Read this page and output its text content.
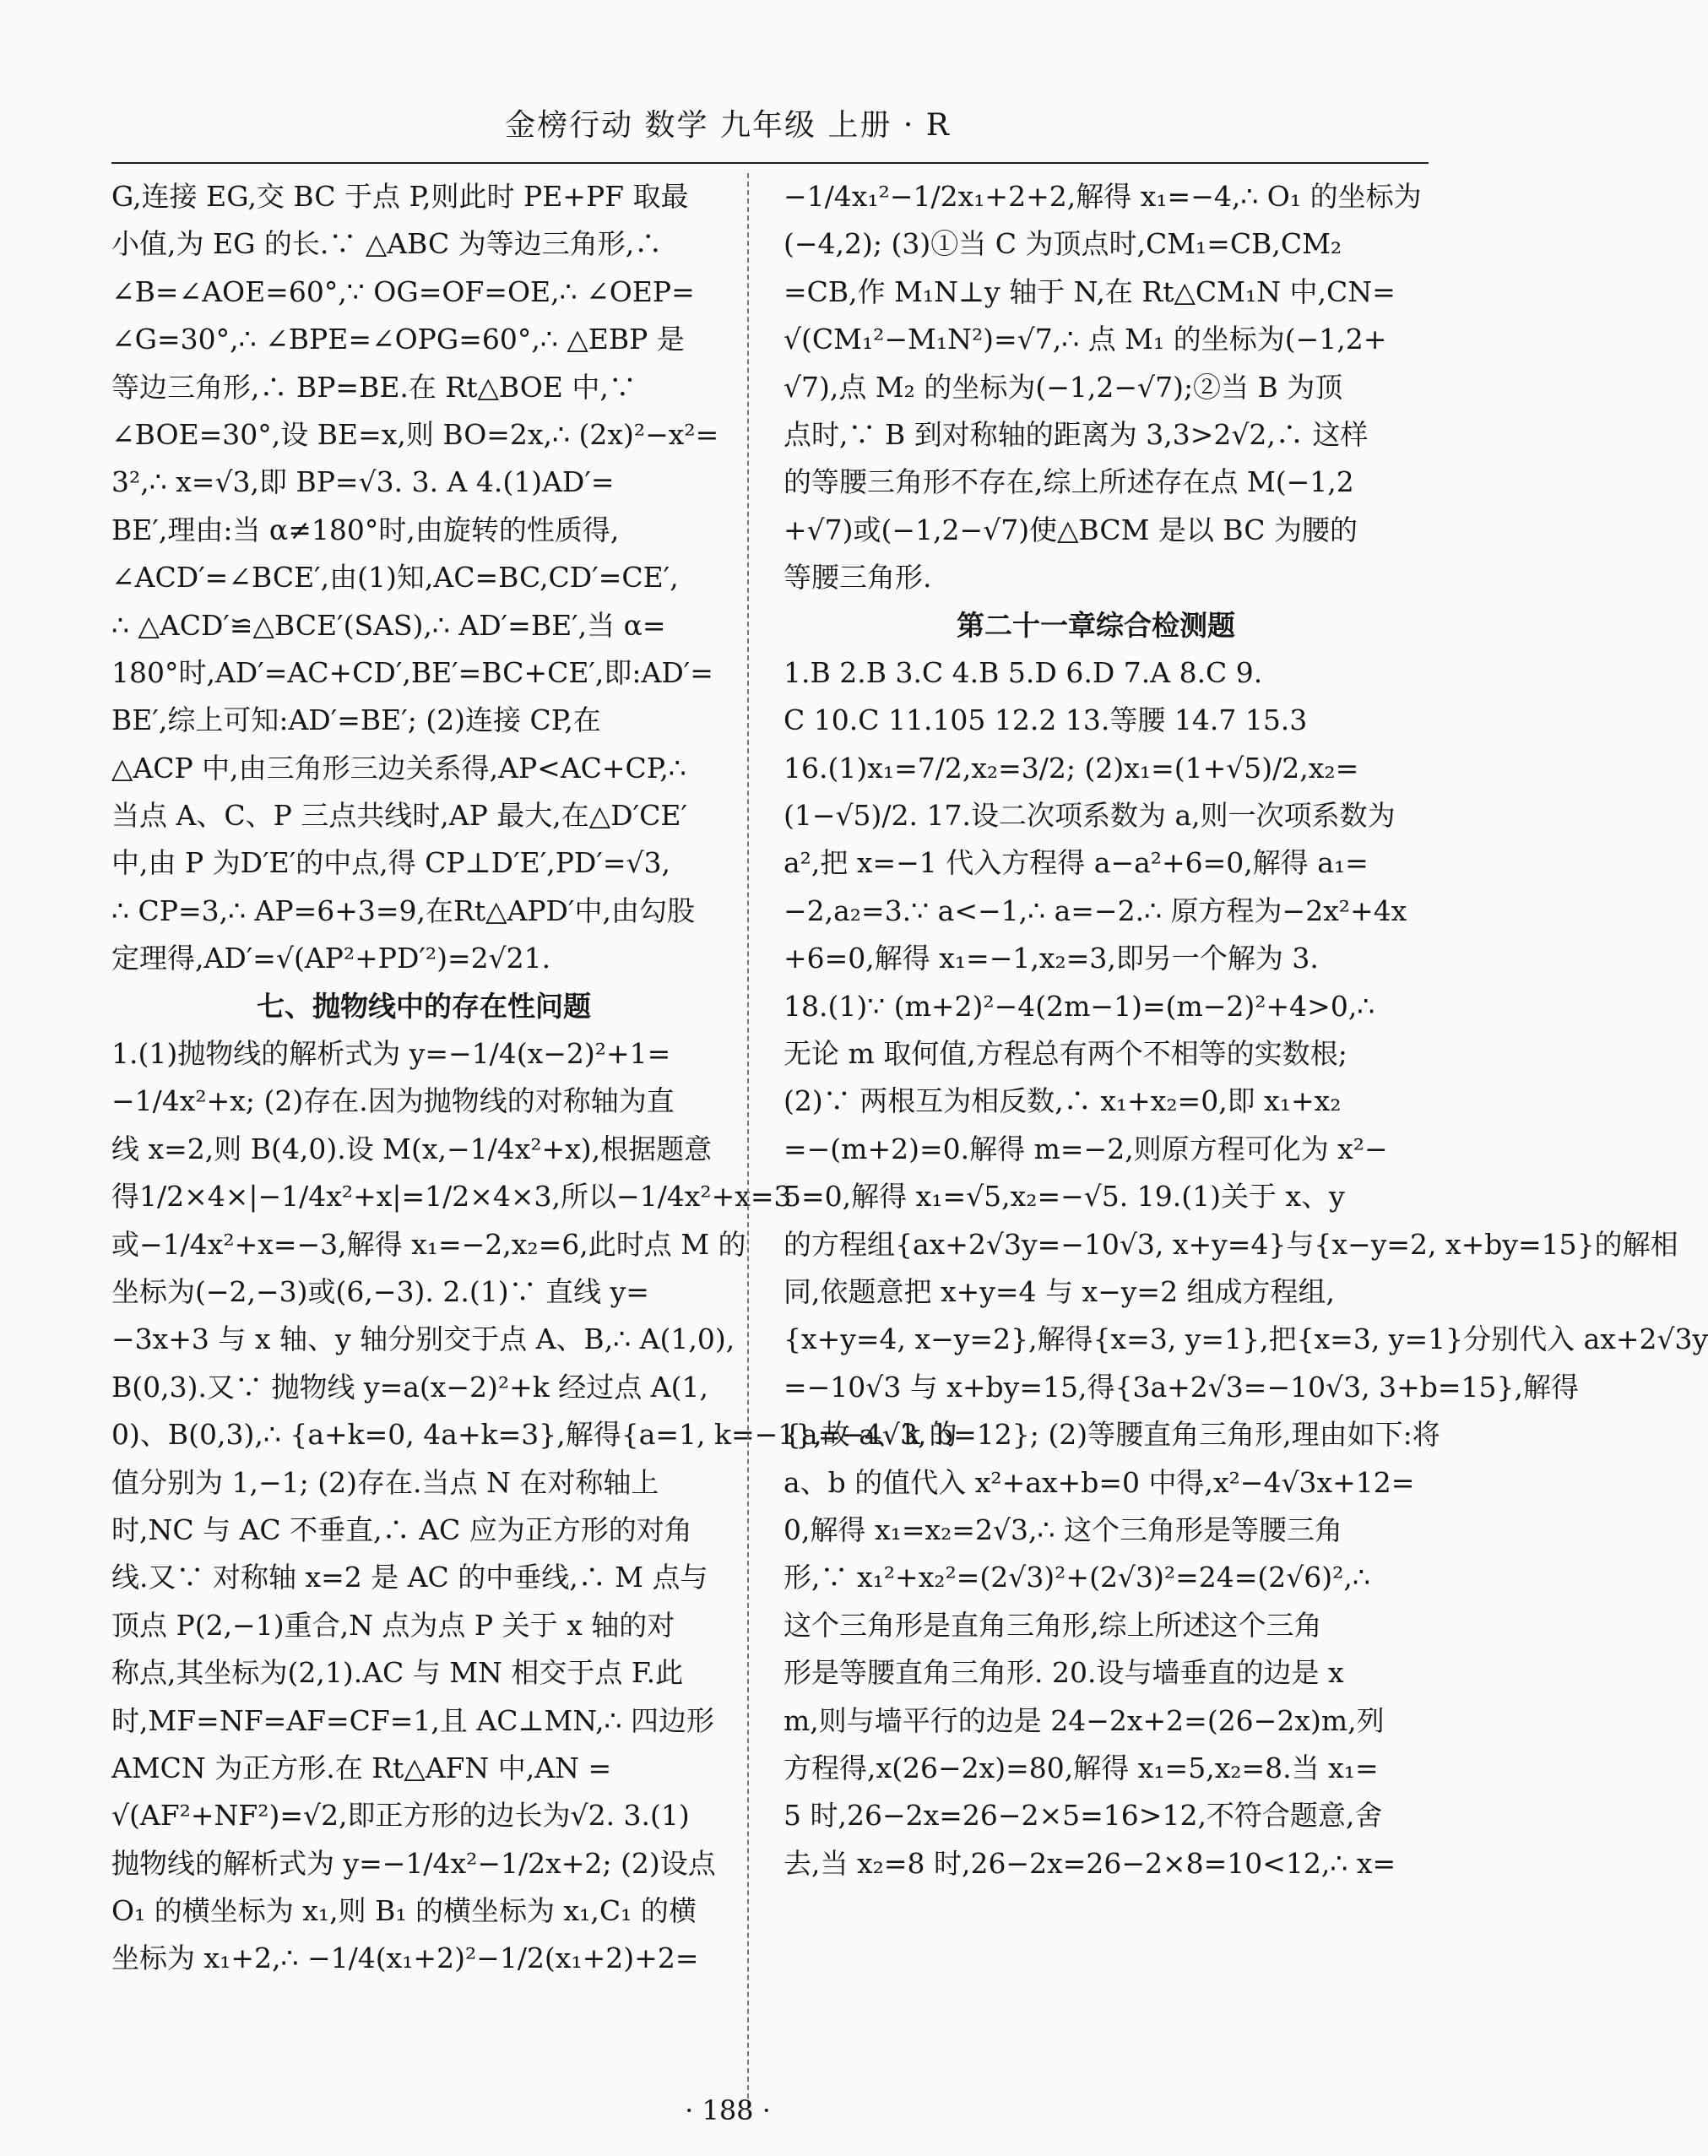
金榜行动 数学 九年级 上册 · R
G,连接 EG,交 BC 于点 P,则此时 PE+PF 取最
小值,为 EG 的长.∵ △ABC 为等边三角形,∴
∠B=∠AOE=60°,∵ OG=OF=OE,∴ ∠OEP=
∠G=30°,∴ ∠BPE=∠OPG=60°,∴ △EBP 是
等边三角形,∴ BP=BE.在 Rt△BOE 中,∵
∠BOE=30°,设 BE=x,则 BO=2x,∴ (2x)²−x²=
3²,∴ x=√3,即 BP=√3. 3. A 4.(1)AD′=
BE′,理由:当 α≠180°时,由旋转的性质得,
∠ACD′=∠BCE′,由(1)知,AC=BC,CD′=CE′,
∴ △ACD′≌△BCE′(SAS),∴ AD′=BE′,当 α=
180°时,AD′=AC+CD′,BE′=BC+CE′,即:AD′=
BE′,综上可知:AD′=BE′; (2)连接 CP,在
△ACP 中,由三角形三边关系得,AP<AC+CP,∴
当点 A、C、P 三点共线时,AP 最大,在△D′CE′
中,由 P 为D′E′的中点,得 CP⊥D′E′,PD′=√3,
∴ CP=3,∴ AP=6+3=9,在Rt△APD′中,由勾股
定理得,AD′=√(AP²+PD′²)=2√21.
七、抛物线中的存在性问题
1.(1)抛物线的解析式为 y=−1/4(x−2)²+1=
−1/4x²+x; (2)存在.因为抛物线的对称轴为直
线 x=2,则 B(4,0).设 M(x,−1/4x²+x),根据题意
得1/2×4×|−1/4x²+x|=1/2×4×3,所以−1/4x²+x=3
或−1/4x²+x=−3,解得 x₁=−2,x₂=6,此时点 M 的
坐标为(−2,−3)或(6,−3). 2.(1)∵ 直线 y=
−3x+3 与 x 轴、y 轴分别交于点 A、B,∴ A(1,0),
B(0,3).又∵ 抛物线 y=a(x−2)²+k 经过点 A(1,
0)、B(0,3),∴ {a+k=0, 4a+k=3},解得{a=1, k=−1},故 a、k 的
值分别为 1,−1; (2)存在.当点 N 在对称轴上
时,NC 与 AC 不垂直,∴ AC 应为正方形的对角
线.又∵ 对称轴 x=2 是 AC 的中垂线,∴ M 点与
顶点 P(2,−1)重合,N 点为点 P 关于 x 轴的对
称点,其坐标为(2,1).AC 与 MN 相交于点 F.此
时,MF=NF=AF=CF=1,且 AC⊥MN,∴ 四边形
AMCN 为正方形.在 Rt△AFN 中,AN =
√(AF²+NF²)=√2,即正方形的边长为√2. 3.(1)
抛物线的解析式为 y=−1/4x²−1/2x+2; (2)设点
O₁ 的横坐标为 x₁,则 B₁ 的横坐标为 x₁,C₁ 的横
坐标为 x₁+2,∴ −1/4(x₁+2)²−1/2(x₁+2)+2=
−1/4x₁²−1/2x₁+2+2,解得 x₁=−4,∴ O₁ 的坐标为
(−4,2); (3)①当 C 为顶点时,CM₁=CB,CM₂
=CB,作 M₁N⊥y 轴于 N,在 Rt△CM₁N 中,CN=
√(CM₁²−M₁N²)=√7,∴ 点 M₁ 的坐标为(−1,2+
√7),点 M₂ 的坐标为(−1,2−√7);②当 B 为顶
点时,∵ B 到对称轴的距离为 3,3>2√2,∴ 这样
的等腰三角形不存在,综上所述存在点 M(−1,2
+√7)或(−1,2−√7)使△BCM 是以 BC 为腰的
等腰三角形.
第二十一章综合检测题
1.B 2.B 3.C 4.B 5.D 6.D 7.A 8.C 9.
C 10.C 11.105 12.2 13.等腰 14.7 15.3
16.(1)x₁=7/2,x₂=3/2; (2)x₁=(1+√5)/2,x₂=
(1−√5)/2. 17.设二次项系数为 a,则一次项系数为
a²,把 x=−1 代入方程得 a−a²+6=0,解得 a₁=
−2,a₂=3.∵ a<−1,∴ a=−2.∴ 原方程为−2x²+4x
+6=0,解得 x₁=−1,x₂=3,即另一个解为 3.
18.(1)∵ (m+2)²−4(2m−1)=(m−2)²+4>0,∴
无论 m 取何值,方程总有两个不相等的实数根;
(2)∵ 两根互为相反数,∴ x₁+x₂=0,即 x₁+x₂
=−(m+2)=0.解得 m=−2,则原方程可化为 x²−
5=0,解得 x₁=√5,x₂=−√5. 19.(1)关于 x、y
的方程组{ax+2√3y=−10√3, x+y=4}与{x−y=2, x+by=15}的解相
同,依题意把 x+y=4 与 x−y=2 组成方程组,
{x+y=4, x−y=2},解得{x=3, y=1},把{x=3, y=1}分别代入 ax+2√3y
=−10√3 与 x+by=15,得{3a+2√3=−10√3, 3+b=15},解得
{a=−4√3, b=12}; (2)等腰直角三角形,理由如下:将
a、b 的值代入 x²+ax+b=0 中得,x²−4√3x+12=
0,解得 x₁=x₂=2√3,∴ 这个三角形是等腰三角
形,∵ x₁²+x₂²=(2√3)²+(2√3)²=24=(2√6)²,∴
这个三角形是直角三角形,综上所述这个三角
形是等腰直角三角形. 20.设与墙垂直的边是 x
m,则与墙平行的边是 24−2x+2=(26−2x)m,列
方程得,x(26−2x)=80,解得 x₁=5,x₂=8.当 x₁=
5 时,26−2x=26−2×5=16>12,不符合题意,舍
去,当 x₂=8 时,26−2x=26−2×8=10<12,∴ x=
· 188 ·
